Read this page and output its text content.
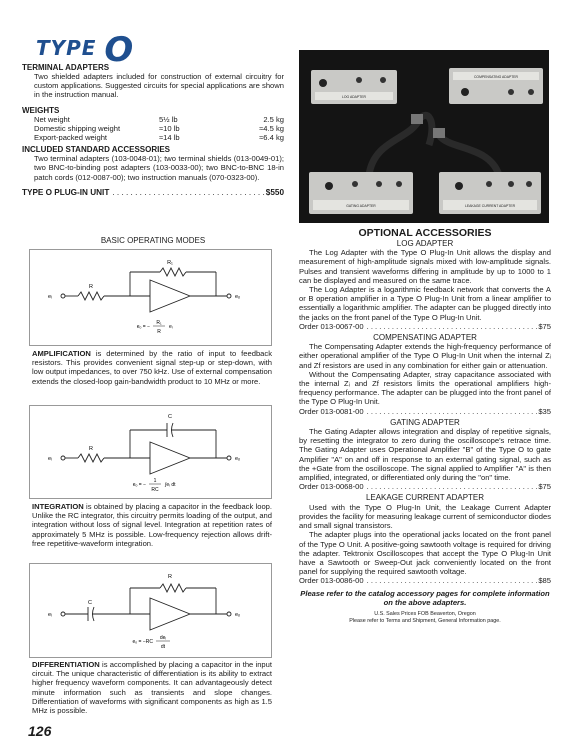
TYPE O
TERMINAL ADAPTERS
Two shielded adapters included for construction of external circuitry for custom applications. Suggested circuits for special applications are shown in the instruction manual.
WEIGHTS
Net weight	5½ lb	2.5 kg
Domestic shipping weight	≈10 lb	≈4.5 kg
Export-packed weight	≈14 lb	≈6.4 kg
INCLUDED STANDARD ACCESSORIES
Two terminal adapters (103-0048-01); two terminal shields (013-0049-01); two BNC-to-binding post adapters (103-0033-00); two BNC-to-BNC 18-in patch cords (012-0087-00); two instruction manuals (070-0323-00).
TYPE O PLUG-IN UNIT . . .	$550
BASIC OPERATING MODES
R₁
R
eᵢ	eₒ
eₒ = −
R₁
R
eᵢ
AMPLIFICATION is determined by the ratio of input to feedback resistors. This provides convenient signal step-up or step-down, with low output impedances, to over 750 kHz. Use of external compensation extends the closed-loop gain-bandwidth product to 10 MHz or more.
C
R
eᵢ	eₒ
eₒ = −
1
RC
∫eᵢ dt
INTEGRATION is obtained by placing a capacitor in the feedback loop. Unlike the RC integrator, this circuitry permits loading of the output, and integration without loss of signal level. Integration at repetition rates of approximately 5 MHz is possible. Low-frequency rejection allows drift-free repetitive-waveform integration.
R
C
eᵢ	eₒ
eₒ = −RC
deᵢ
dt
DIFFERENTIATION is accomplished by placing a capacitor in the input circuit. The unique characteristic of differentiation is its ability to extract higher frequency waveform components. It can advantageously detect minute information such as transients and slope changes. Differentiation of waveforms with significant components as high as 1.5 MHz is possible.
126
LOG ADAPTER
COMPENSATING ADAPTER
GATING ADAPTER	LEAKAGE CURRENT ADAPTER
OPTIONAL ACCESSORIES
LOG ADAPTER
The Log Adapter with the Type O Plug-In Unit allows the display and measurement of high-amplitude signals mixed with low-amplitude signals. Pulses and transient waveforms differing in amplitude by up to 1000 to 1 can be displayed and measured on the same trace.
The Log Adapter is a logarithmic feedback network that converts the A or B operation amplifier in a Type O Plug-In Unit from a linear amplifier to essentially a logarithmic amplifier. The adapter can be plugged directly into the jacks on the front panel of the Type O Plug-In Unit.
Order 013-0067-00 . . .	$75
COMPENSATING ADAPTER
The Compensating Adapter extends the high-frequency performance of either operational amplifier of the Type O Plug-In Unit when the internal Zᵢ and Zf resistors are used in any combination for either gain or attenuation.
Without the Compensating Adapter, stray capacitance associated with the internal Zᵢ and Zf resistors limits the operational amplifiers high-frequency performance. The adapter can be plugged into the front panel of the Type O Plug-In Unit.
Order 013-0081-00 . . .	$35
GATING ADAPTER
The Gating Adapter allows integration and display of repetitive signals, by resetting the integrator to zero during the oscilloscope's retrace time. The Gating Adapter uses Operational Amplifier "B" of the Type O to gate Amplifier "A" on and off in response to an external gating signal, such as the +Gate from the oscilloscope. The signal applied to Amplifier "A" is then amplified, integrated, or differentiated only during the "on" time.
Order 013-0068-00 . . .	$75
LEAKAGE CURRENT ADAPTER
Used with the Type O Plug-In Unit, the Leakage Current Adapter provides the facility for measuring leakage current of semiconductor diodes and small signal transistors.
The adapter plugs into the operational jacks located on the front panel of the Type O Unit. A positive-going sawtooth voltage is required for driving the adapter. Tektronix Oscilloscopes that accept the Type O Plug-In Unit have a Sawtooth or Sweep-Out jack conveniently located on the front panel for supplying the required sawtooth voltage.
Order 013-0086-00 . . .	$85
Please refer to the catalog accessory pages for complete information on the above adapters.
U.S. Sales Prices FOB Beaverton, Oregon
Please refer to Terms and Shipment, General Information page.
